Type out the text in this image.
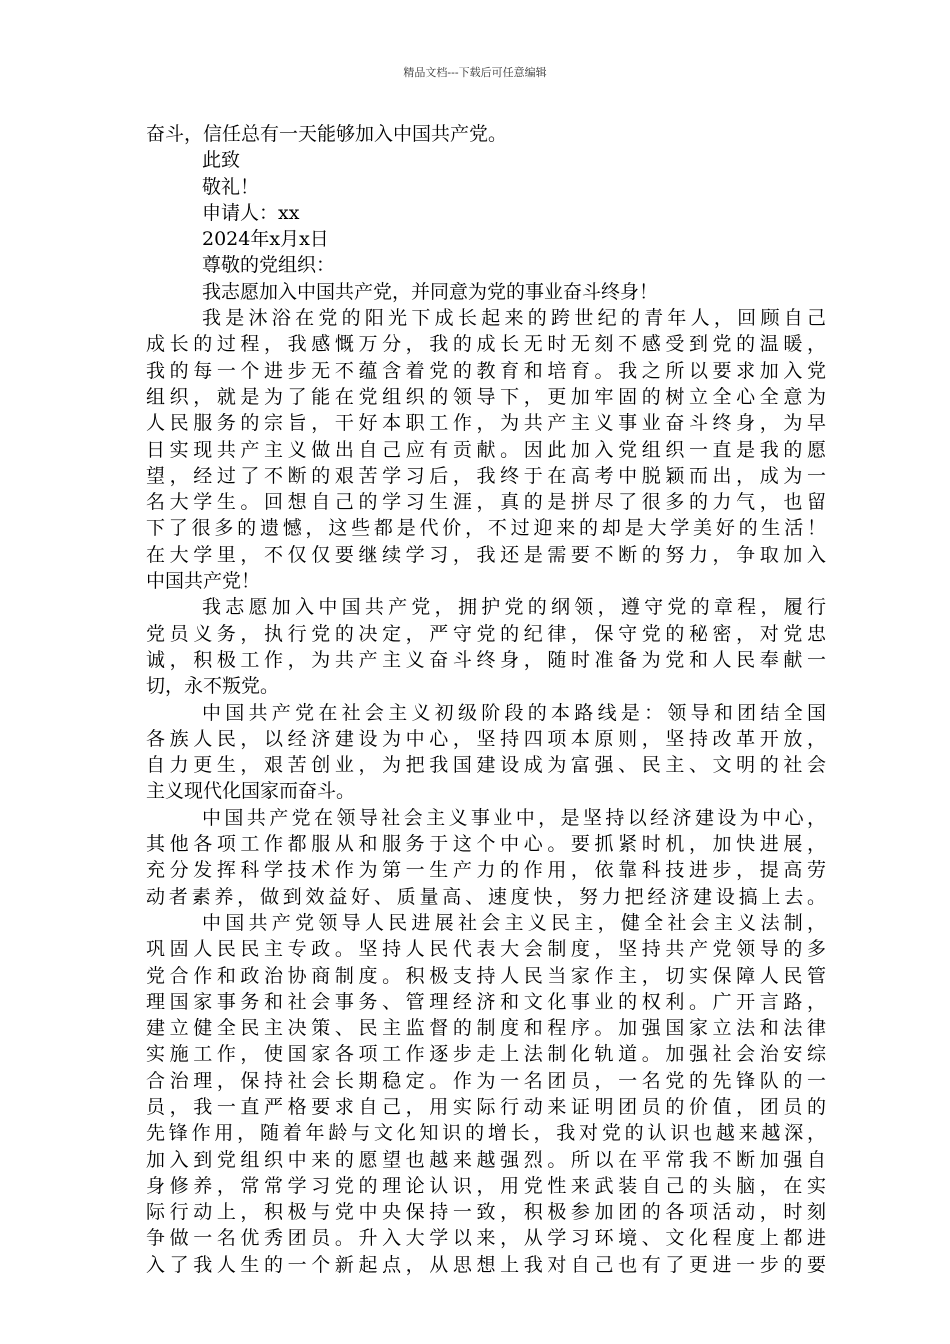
精品文档---下载后可任意编辑
奋斗，信任总有一天能够加入中国共产党。
此致
敬礼！
申请人：xx
2024年x月x日
尊敬的党组织：
我志愿加入中国共产党，并同意为党的事业奋斗终身！
我是沐浴在党的阳光下成长起来的跨世纪的青年人，回顾自己
成长的过程，我感慨万分，我的成长无时无刻不感受到党的温暖，
我的每一个进步无不蕴含着党的教育和培育。我之所以要求加入党
组织，就是为了能在党组织的领导下，更加牢固的树立全心全意为
人民服务的宗旨，干好本职工作，为共产主义事业奋斗终身，为早
日实现共产主义做出自己应有贡献。因此加入党组织一直是我的愿
望，经过了不断的艰苦学习后，我终于在高考中脱颖而出，成为一
名大学生。回想自己的学习生涯，真的是拼尽了很多的力气，也留
下了很多的遗憾，这些都是代价，不过迎来的却是大学美好的生活！
在大学里，不仅仅要继续学习，我还是需要不断的努力，争取加入
中国共产党！
我志愿加入中国共产党，拥护党的纲领，遵守党的章程，履行
党员义务，执行党的决定，严守党的纪律，保守党的秘密，对党忠
诚，积极工作，为共产主义奋斗终身，随时准备为党和人民奉献一
切，永不叛党。
中国共产党在社会主义初级阶段的本路线是：领导和团结全国
各族人民，以经济建设为中心，坚持四项本原则，坚持改革开放，
自力更生，艰苦创业，为把我国建设成为富强、民主、文明的社会
主义现代化国家而奋斗。
中国共产党在领导社会主义事业中，是坚持以经济建设为中心，
其他各项工作都服从和服务于这个中心。要抓紧时机，加快进展，
充分发挥科学技术作为第一生产力的作用，依靠科技进步，提高劳
动者素养，做到效益好、质量高、速度快，努力把经济建设搞上去。
中国共产党领导人民进展社会主义民主，健全社会主义法制，
巩固人民民主专政。坚持人民代表大会制度，坚持共产党领导的多
党合作和政治协商制度。积极支持人民当家作主，切实保障人民管
理国家事务和社会事务、管理经济和文化事业的权利。广开言路，
建立健全民主决策、民主监督的制度和程序。加强国家立法和法律
实施工作，使国家各项工作逐步走上法制化轨道。加强社会治安综
合治理，保持社会长期稳定。作为一名团员，一名党的先锋队的一
员，我一直严格要求自己，用实际行动来证明团员的价值，团员的
先锋作用，随着年龄与文化知识的增长，我对党的认识也越来越深，
加入到党组织中来的愿望也越来越强烈。所以在平常我不断加强自
身修养，常常学习党的理论认识，用党性来武装自己的头脑，在实
际行动上，积极与党中央保持一致，积极参加团的各项活动，时刻
争做一名优秀团员。升入大学以来，从学习环境、文化程度上都进
入了我人生的一个新起点，从思想上我对自己也有了更进一步的要
